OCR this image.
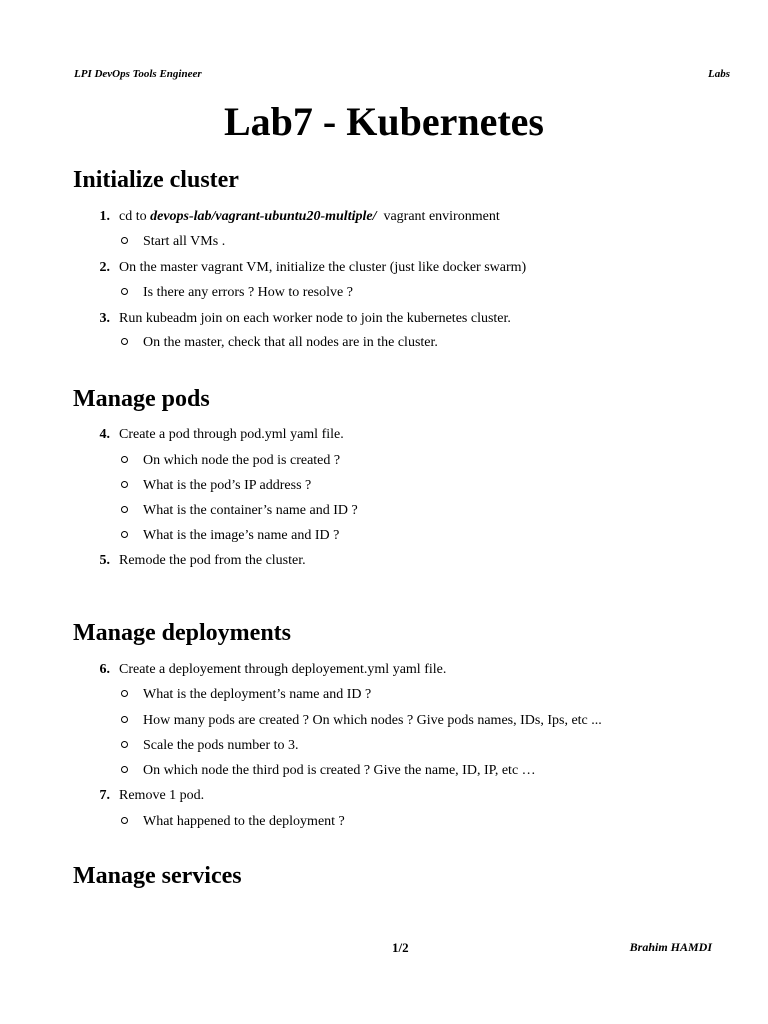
LPI DevOps Tools Engineer	Labs
Lab7 - Kubernetes
Initialize cluster
1. cd to devops-lab/vagrant-ubuntu20-multiple/  vagrant environment
Start all VMs .
2. On the master vagrant VM, initialize the cluster (just like docker swarm)
Is there any errors ? How to resolve ?
3. Run kubeadm join on each worker node to join the kubernetes cluster.
On the master, check that all nodes are in the cluster.
Manage pods
4. Create a pod through pod.yml yaml file.
On which node the pod is created ?
What is the pod’s IP address ?
What is the container’s name and ID ?
What is the image’s name and ID ?
5. Remode the pod from the cluster.
Manage deployments
6. Create a deployement through deployement.yml yaml file.
What is the deployment’s name and ID ?
How many pods are created ? On which nodes ? Give pods names, IDs, Ips, etc ...
Scale the pods number to 3.
On which node the third pod is created ? Give the name, ID, IP, etc …
7. Remove 1 pod.
What happened to the deployment ?
Manage services
1/2	Brahim HAMDI
